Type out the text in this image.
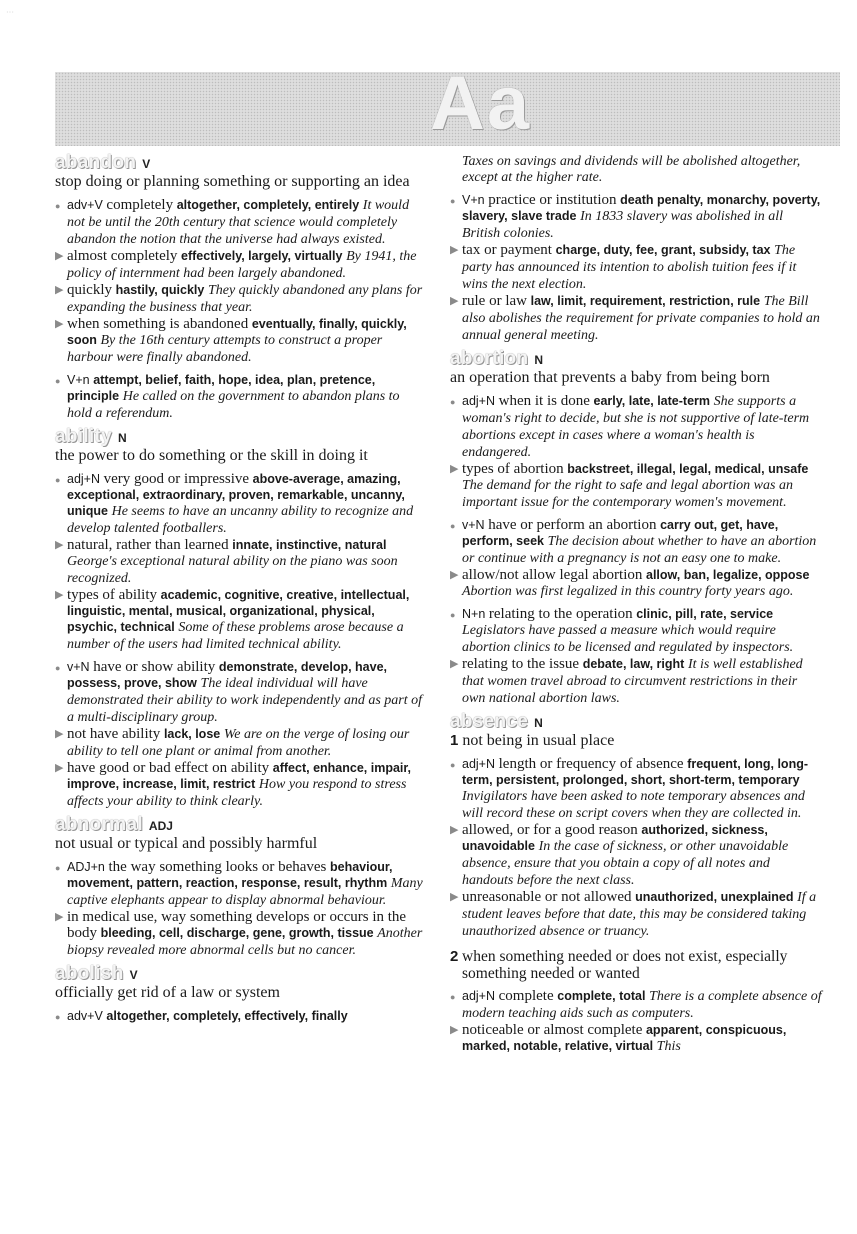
···
Aa
abandon V
stop doing or planning something or supporting an idea
● adv+V completely altogether, completely, entirely It would not be until the 20th century that science would completely abandon the notion that the universe had always existed.
▶ almost completely effectively, largely, virtually By 1941, the policy of internment had been largely abandoned.
▶ quickly hastily, quickly They quickly abandoned any plans for expanding the business that year.
▶ when something is abandoned eventually, finally, quickly, soon By the 16th century attempts to construct a proper harbour were finally abandoned.
● V+n attempt, belief, faith, hope, idea, plan, pretence, principle He called on the government to abandon plans to hold a referendum.
ability N
the power to do something or the skill in doing it
● adj+N very good or impressive above-average, amazing, exceptional, extraordinary, proven, remarkable, uncanny, unique He seems to have an uncanny ability to recognize and develop talented footballers.
▶ natural, rather than learned innate, instinctive, natural George's exceptional natural ability on the piano was soon recognized.
▶ types of ability academic, cognitive, creative, intellectual, linguistic, mental, musical, organizational, physical, psychic, technical Some of these problems arose because a number of the users had limited technical ability.
● v+N have or show ability demonstrate, develop, have, possess, prove, show The ideal individual will have demonstrated their ability to work independently and as part of a multi-disciplinary group.
▶ not have ability lack, lose We are on the verge of losing our ability to tell one plant or animal from another.
▶ have good or bad effect on ability affect, enhance, impair, improve, increase, limit, restrict How you respond to stress affects your ability to think clearly.
abnormal ADJ
not usual or typical and possibly harmful
● ADJ+n the way something looks or behaves behaviour, movement, pattern, reaction, response, result, rhythm Many captive elephants appear to display abnormal behaviour.
▶ in medical use, way something develops or occurs in the body bleeding, cell, discharge, gene, growth, tissue Another biopsy revealed more abnormal cells but no cancer.
abolish V
officially get rid of a law or system
● adv+V altogether, completely, effectively, finally
Taxes on savings and dividends will be abolished altogether, except at the higher rate.
● V+n practice or institution death penalty, monarchy, poverty, slavery, slave trade In 1833 slavery was abolished in all British colonies.
▶ tax or payment charge, duty, fee, grant, subsidy, tax The party has announced its intention to abolish tuition fees if it wins the next election.
▶ rule or law law, limit, requirement, restriction, rule The Bill also abolishes the requirement for private companies to hold an annual general meeting.
abortion N
an operation that prevents a baby from being born
● adj+N when it is done early, late, late-term She supports a woman's right to decide, but she is not supportive of late-term abortions except in cases where a woman's health is endangered.
▶ types of abortion backstreet, illegal, legal, medical, unsafe The demand for the right to safe and legal abortion was an important issue for the contemporary women's movement.
● v+N have or perform an abortion carry out, get, have, perform, seek The decision about whether to have an abortion or continue with a pregnancy is not an easy one to make.
▶ allow/not allow legal abortion allow, ban, legalize, oppose Abortion was first legalized in this country forty years ago.
● N+n relating to the operation clinic, pill, rate, service Legislators have passed a measure which would require abortion clinics to be licensed and regulated by inspectors.
▶ relating to the issue debate, law, right It is well established that women travel abroad to circumvent restrictions in their own national abortion laws.
absence N
1 not being in usual place
● adj+N length or frequency of absence frequent, long, long-term, persistent, prolonged, short, short-term, temporary Invigilators have been asked to note temporary absences and will record these on script covers when they are collected in.
▶ allowed, or for a good reason authorized, sickness, unavoidable In the case of sickness, or other unavoidable absence, ensure that you obtain a copy of all notes and handouts before the next class.
▶ unreasonable or not allowed unauthorized, unexplained If a student leaves before that date, this may be considered taking unauthorized absence or truancy.
2 when something needed or does not exist, especially something needed or wanted
● adj+N complete complete, total There is a complete absence of modern teaching aids such as computers.
▶ noticeable or almost complete apparent, conspicuous, marked, notable, relative, virtual This
